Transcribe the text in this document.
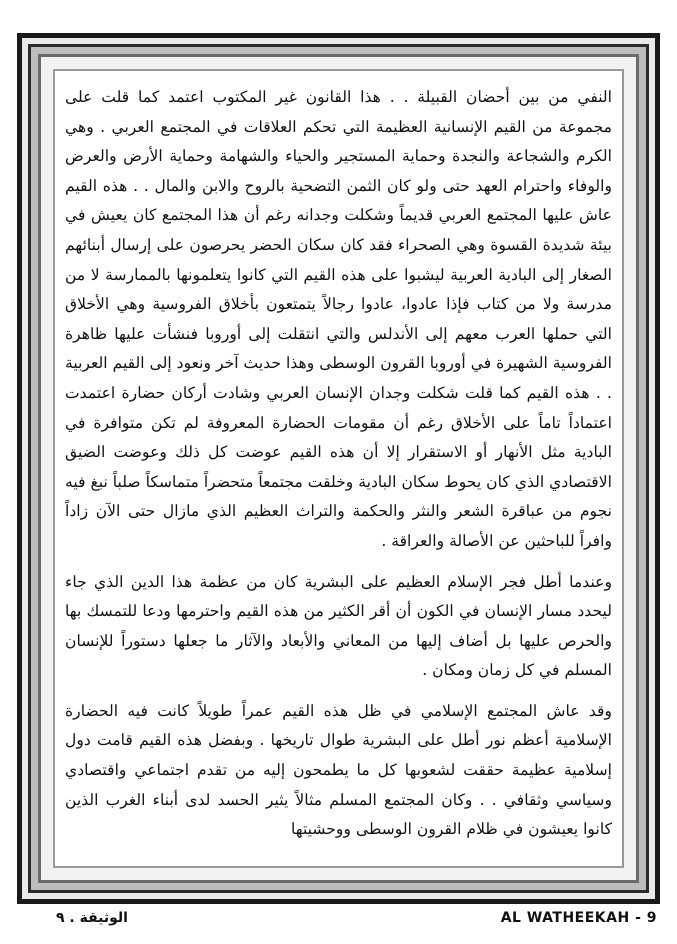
النفي من بين أحضان القبيلة . . هذا القانون غير المكتوب اعتمد كما قلت على مجموعة من القيم الإنسانية العظيمة التي تحكم العلاقات في المجتمع العربي . وهي الكرم والشجاعة والنجدة وحماية المستجير والحياء والشهامة وحماية الأرض والعرض والوفاء واحترام العهد حتى ولو كان الثمن التضحية بالروح والابن والمال . . هذه القيم عاش عليها المجتمع العربي قديماً وشكلت وجدانه رغم أن هذا المجتمع كان يعيش في بيئة شديدة القسوة وهي الصحراء فقد كان سكان الحضر يحرصون على إرسال أبنائهم الصغار إلى البادية العربية ليشبوا على هذه القيم التي كانوا يتعلمونها بالممارسة لا من مدرسة ولا من كتاب فإذا عادوا، عادوا رجالاً يتمتعون بأخلاق الفروسية وهي الأخلاق التي حملها العرب معهم إلى الأندلس والتي انتقلت إلى أوروبا فنشأت عليها ظاهرة الفروسية الشهيرة في أوروبا القرون الوسطى وهذا حديث آخر ونعود إلى القيم العربية . . هذه القيم كما قلت شكلت وجدان الإنسان العربي وشادت أركان حضارة اعتمدت اعتماداً تاماً على الأخلاق رغم أن مقومات الحضارة المعروفة لم تكن متوافرة في البادية مثل الأنهار أو الاستقرار إلا أن هذه القيم عوضت كل ذلك وعوضت الضيق الاقتصادي الذي كان يحوط سكان البادية وخلقت مجتمعاً متحضراً متماسكاً صلباً نبغ فيه نجوم من عباقرة الشعر والنثر والحكمة والتراث العظيم الذي مازال حتى الآن زاداً وافراً للباحثين عن الأصالة والعراقة .

وعندما أطل فجر الإسلام العظيم على البشرية كان من عظمة هذا الدين الذي جاء ليحدد مسار الإنسان في الكون أن أقر الكثير من هذه القيم واحترمها ودعا للتمسك بها والحرص عليها بل أضاف إليها من المعاني والأبعاد والآثار ما جعلها دستوراً للإنسان المسلم في كل زمان ومكان .

وقد عاش المجتمع الإسلامي في ظل هذه القيم عمراً طويلاً كانت فيه الحضارة الإسلامية أعظم نور أطل على البشرية طوال تاريخها . وبفضل هذه القيم قامت دول إسلامية عظيمة حققت لشعوبها كل ما يطمحون إليه من تقدم اجتماعي واقتصادي وسياسي وثقافي . . وكان المجتمع المسلم مثالاً يثير الحسد لدى أبناء الغرب الذين كانوا يعيشون في ظلام القرون الوسطى ووحشيتها

الوثيقة . ٩	AL WATHEEKAH - 9
